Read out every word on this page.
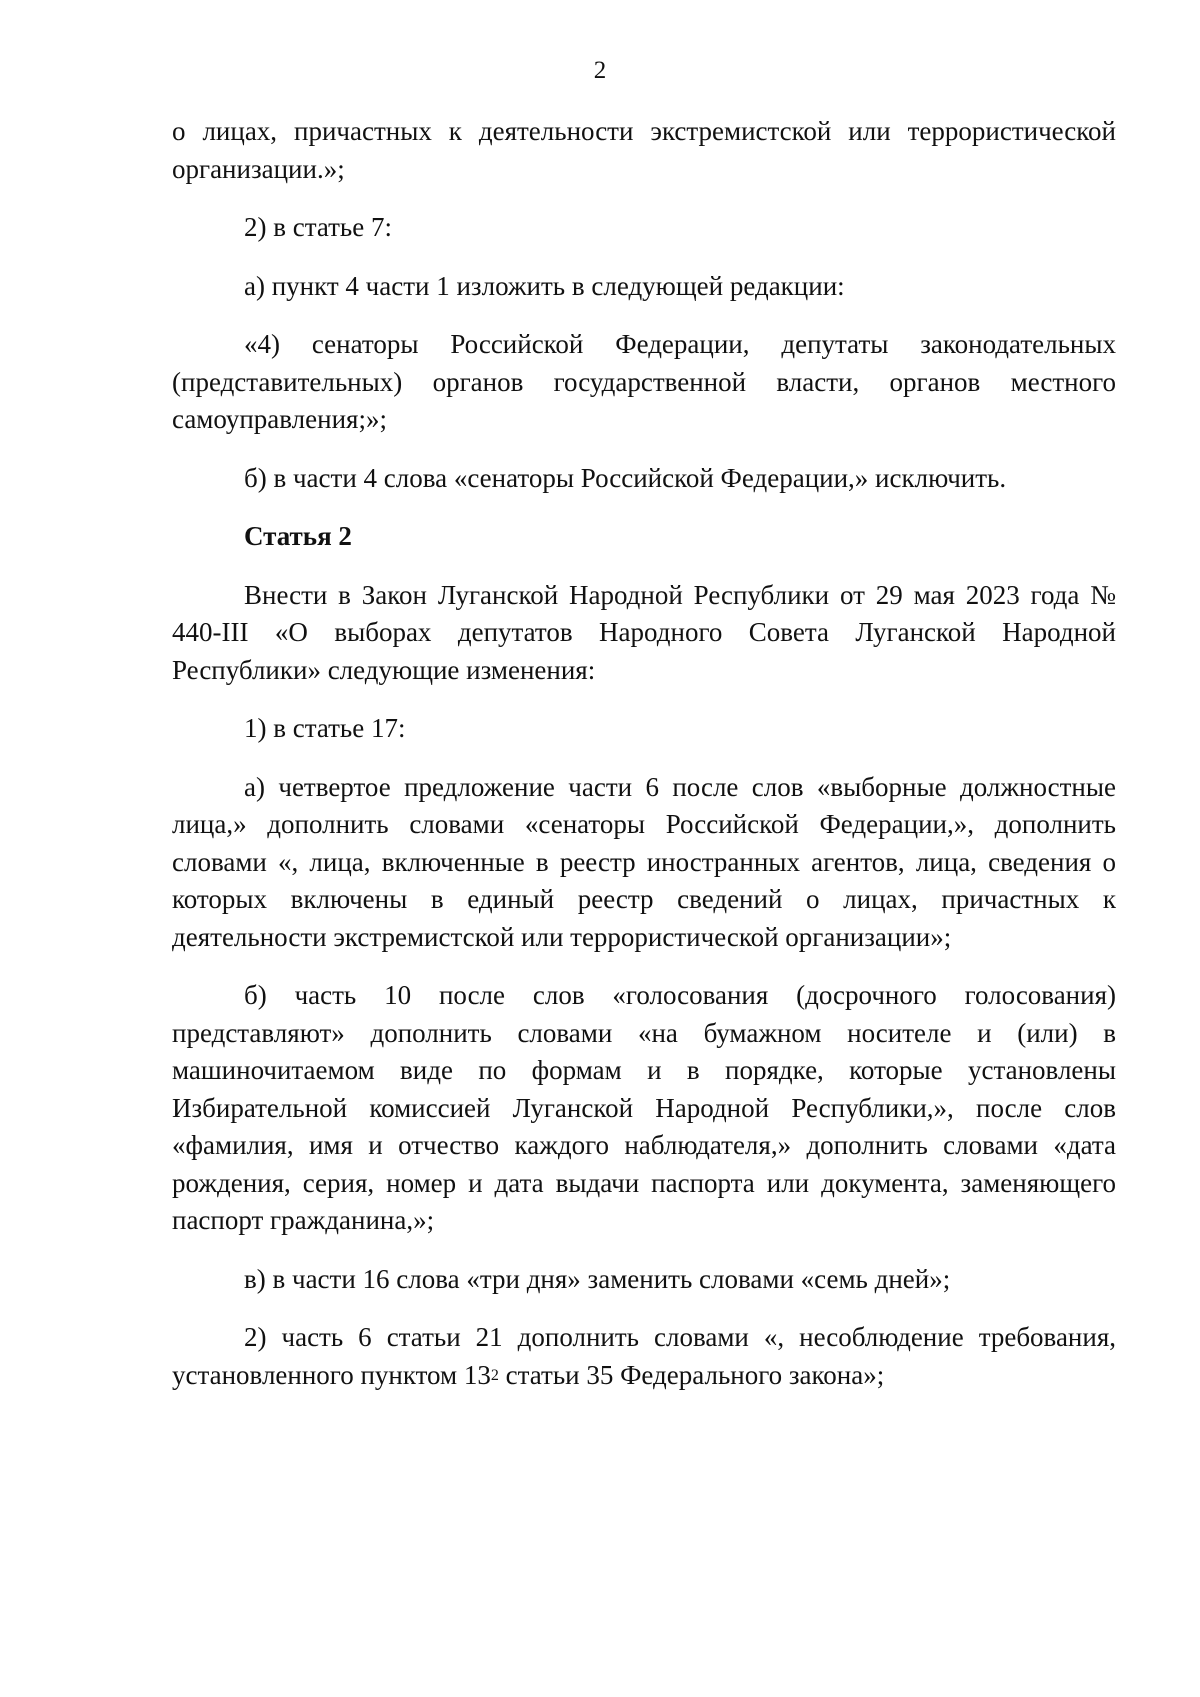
2

о лицах, причастных к деятельности экстремистской или террористической организации.»;

2) в статье 7:

а) пункт 4 части 1 изложить в следующей редакции:

«4) сенаторы Российской Федерации, депутаты законодательных (представительных) органов государственной власти, органов местного самоуправления;»;

б) в части 4 слова «сенаторы Российской Федерации,» исключить.

Статья 2

Внести в Закон Луганской Народной Республики от 29 мая 2023 года № 440-III «О выборах депутатов Народного Совета Луганской Народной Республики» следующие изменения:

1) в статье 17:

а) четвертое предложение части 6 после слов «выборные должностные лица,» дополнить словами «сенаторы Российской Федерации,», дополнить словами «, лица, включенные в реестр иностранных агентов, лица, сведения о которых включены в единый реестр сведений о лицах, причастных к деятельности экстремистской или террористической организации»;

б) часть 10 после слов «голосования (досрочного голосования) представляют» дополнить словами «на бумажном носителе и (или) в машиночитаемом виде по формам и в порядке, которые установлены Избирательной комиссией Луганской Народной Республики,», после слов «фамилия, имя и отчество каждого наблюдателя,» дополнить словами «дата рождения, серия, номер и дата выдачи паспорта или документа, заменяющего паспорт гражданина,»;

в) в части 16 слова «три дня» заменить словами «семь дней»;

2) часть 6 статьи 21 дополнить словами «, несоблюдение требования, установленного пунктом $13^2$ статьи 35 Федерального закона»;
